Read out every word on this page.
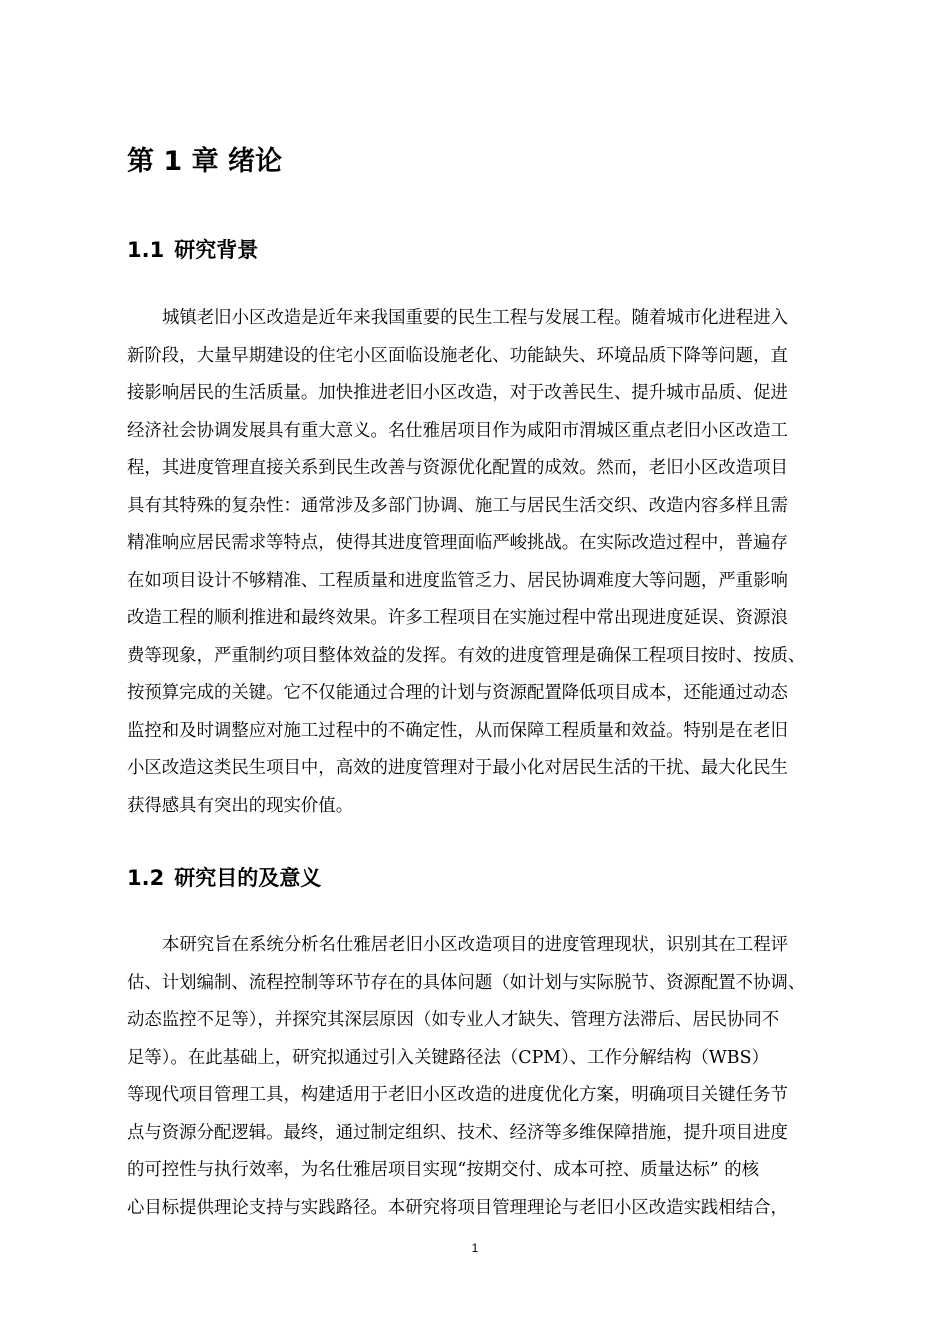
第 1 章 绪论
1.1 研究背景
城镇老旧小区改造是近年来我国重要的民生工程与发展工程。随着城市化进程进入
新阶段，大量早期建设的住宅小区面临设施老化、功能缺失、环境品质下降等问题，直
接影响居民的生活质量。加快推进老旧小区改造，对于改善民生、提升城市品质、促进
经济社会协调发展具有重大意义。名仕雅居项目作为咸阳市渭城区重点老旧小区改造工
程，其进度管理直接关系到民生改善与资源优化配置的成效。然而，老旧小区改造项目
具有其特殊的复杂性：通常涉及多部门协调、施工与居民生活交织、改造内容多样且需
精准响应居民需求等特点，使得其进度管理面临严峻挑战。在实际改造过程中，普遍存
在如项目设计不够精准、工程质量和进度监管乏力、居民协调难度大等问题，严重影响
改造工程的顺利推进和最终效果。许多工程项目在实施过程中常出现进度延误、资源浪
费等现象，严重制约项目整体效益的发挥。有效的进度管理是确保工程项目按时、按质、
按预算完成的关键。它不仅能通过合理的计划与资源配置降低项目成本，还能通过动态
监控和及时调整应对施工过程中的不确定性，从而保障工程质量和效益。特别是在老旧
小区改造这类民生项目中，高效的进度管理对于最小化对居民生活的干扰、最大化民生
获得感具有突出的现实价值。
1.2 研究目的及意义
本研究旨在系统分析名仕雅居老旧小区改造项目的进度管理现状，识别其在工程评
估、计划编制、流程控制等环节存在的具体问题（如计划与实际脱节、资源配置不协调、
动态监控不足等），并探究其深层原因（如专业人才缺失、管理方法滞后、居民协同不
足等）。在此基础上，研究拟通过引入关键路径法（CPM）、工作分解结构（WBS）
等现代项目管理工具，构建适用于老旧小区改造的进度优化方案，明确项目关键任务节
点与资源分配逻辑。最终，通过制定组织、技术、经济等多维保障措施，提升项目进度
的可控性与执行效率，为名仕雅居项目实现“按期交付、成本可控、质量达标” 的核
心目标提供理论支持与实践路径。本研究将项目管理理论与老旧小区改造实践相结合，
1
